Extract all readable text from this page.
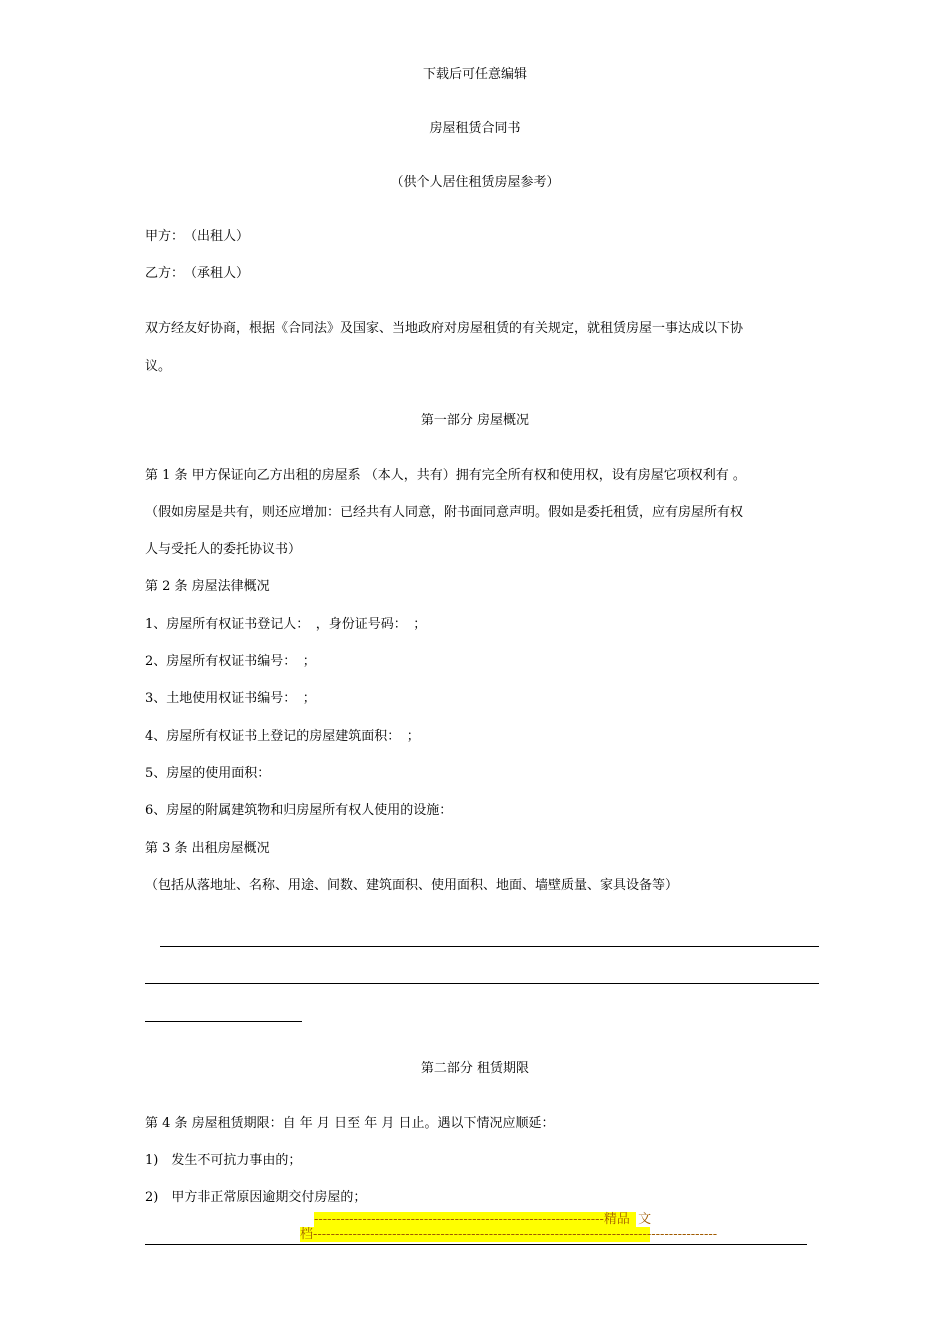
下载后可任意编辑
房屋租赁合同书
（供个人居住租赁房屋参考）
甲方：　（出租人）
乙方：　（承租人）
双方经友好协商，根据《合同法》及国家、当地政府对房屋租赁的有关规定，就租赁房屋一事达成以下协
议。
第一部分 房屋概况
第 1 条 甲方保证向乙方出租的房屋系 （本人，共有）拥有完全所有权和使用权，设有房屋它项权利有 。
（假如房屋是共有，则还应增加：已经共有人同意，附书面同意声明。假如是委托租赁，应有房屋所有权
人与受托人的委托协议书）
第 2 条 房屋法律概况
1、房屋所有权证书登记人：　，身份证号码：　；
2、房屋所有权证书编号：　；
3、土地使用权证书编号：　；
4、房屋所有权证书上登记的房屋建筑面积：　；
5、房屋的使用面积：
6、房屋的附属建筑物和归房屋所有权人使用的设施：
第 3 条 出租房屋概况
（包括从落地址、名称、用途、间数、建筑面积、使用面积、地面、墙壁质量、家具设备等）
第二部分 租赁期限
第 4 条 房屋租赁期限：自 年 月 日至 年 月 日止。遇以下情况应顺延：
1)　发生不可抗力事由的；
2)　甲方非正常原因逾期交付房屋的；
------------------------------------------------------------------精品  文
档--------------------------------------------------------------------------------------------
